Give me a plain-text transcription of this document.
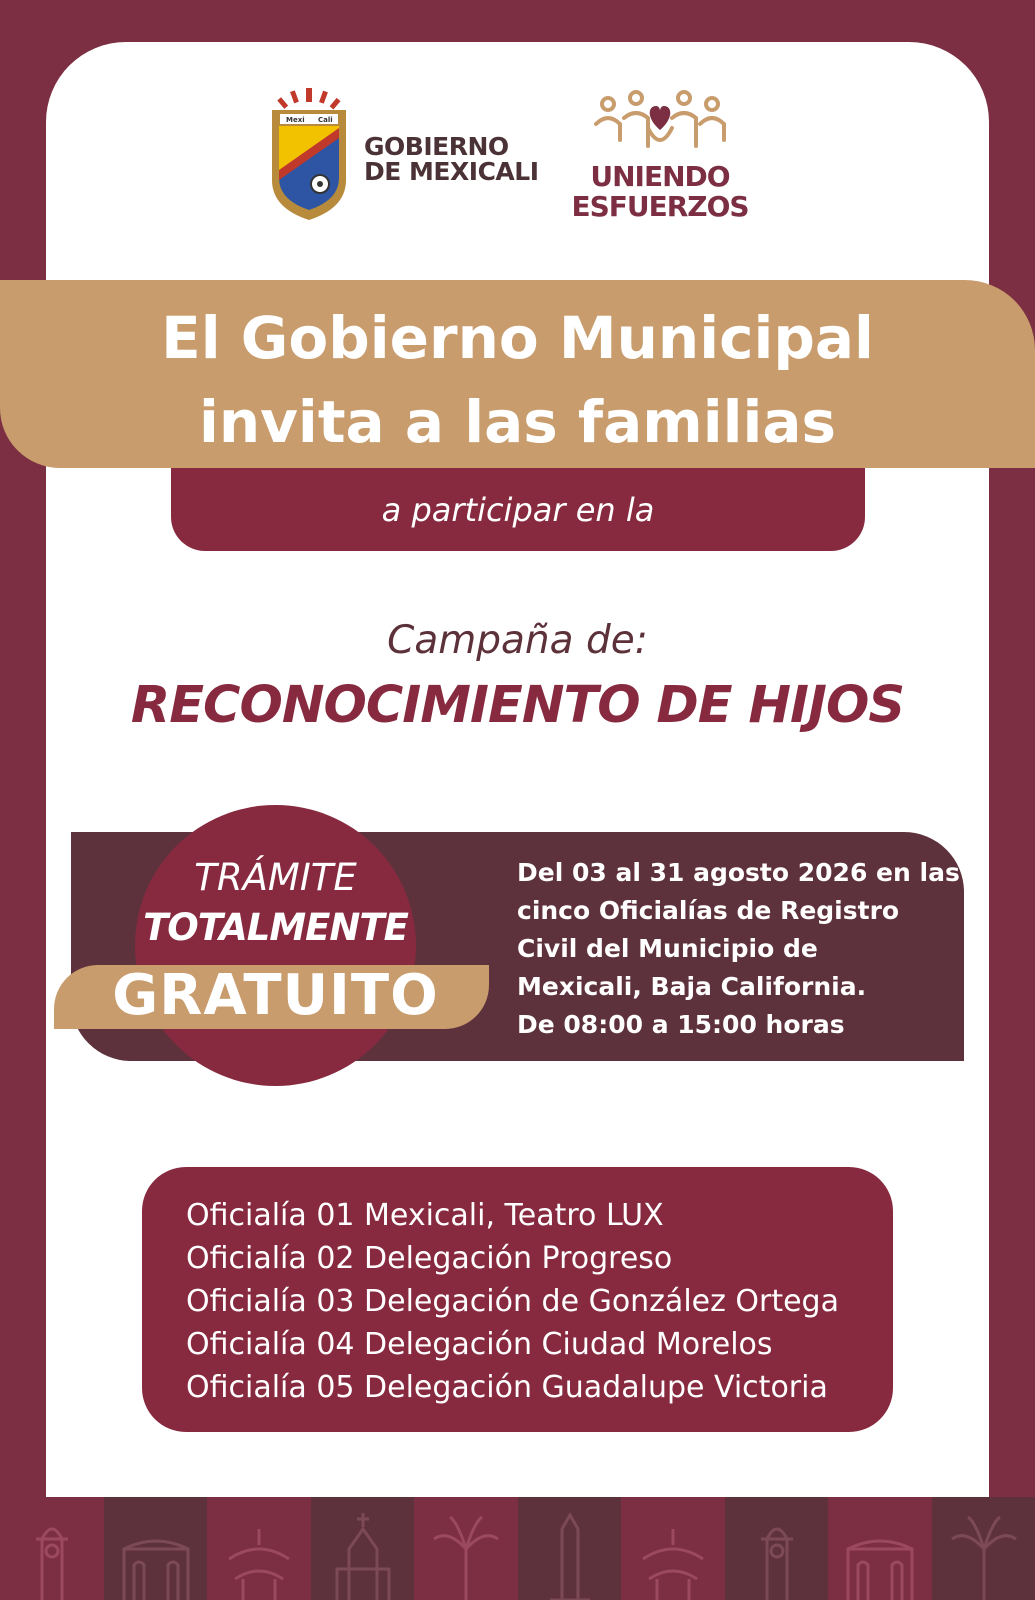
Mexi Cali
GOBIERNO
DE MEXICALI	UNIENDO
ESFUERZOS
El Gobierno Municipal
invita a las familias
a participar en la
Campaña de:
RECONOCIMIENTO DE HIJOS
TRÁMITE
TOTALMENTE
GRATUITO
Del 03 al 31 agosto 2026 en las
cinco Oficialías de Registro
Civil del Municipio de
Mexicali, Baja California.
De 08:00 a 15:00 horas
Oficialía 01 Mexicali, Teatro LUX
Oficialía 02 Delegación Progreso
Oficialía 03 Delegación de González Ortega
Oficialía 04 Delegación Ciudad Morelos
Oficialía 05 Delegación Guadalupe Victoria
